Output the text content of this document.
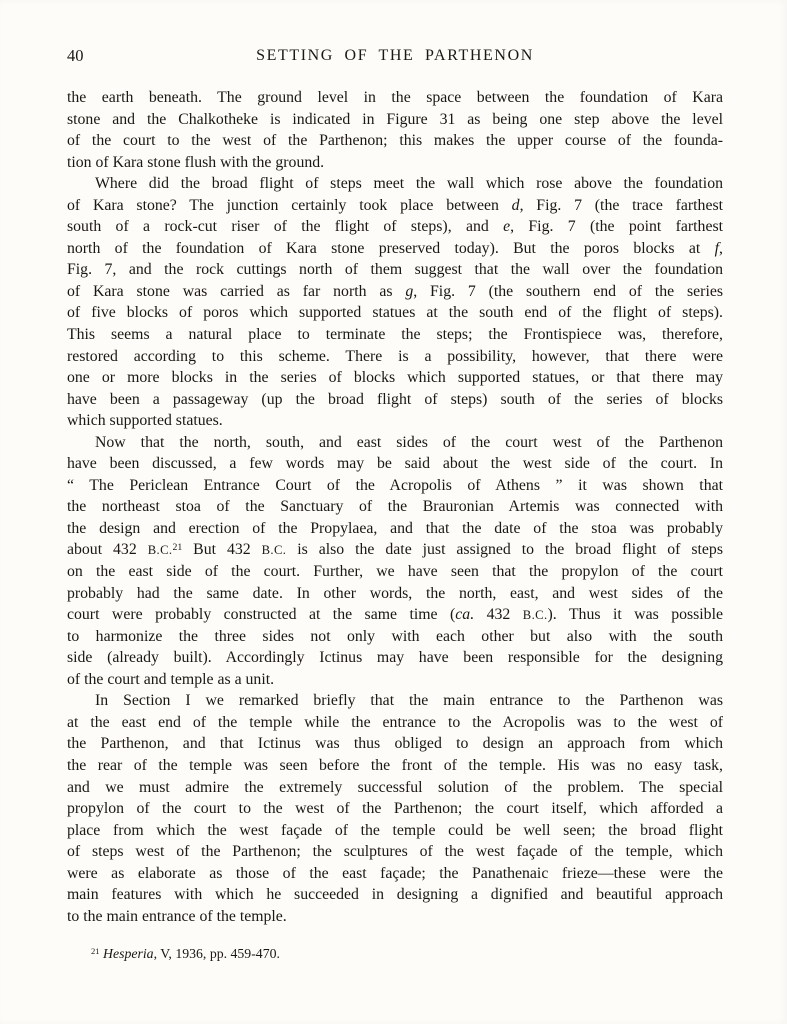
40	SETTING OF THE PARTHENON
the earth beneath. The ground level in the space between the foundation of Kara
stone and the Chalkotheke is indicated in Figure 31 as being one step above the level
of the court to the west of the Parthenon; this makes the upper course of the founda-
tion of Kara stone flush with the ground.
Where did the broad flight of steps meet the wall which rose above the foundation
of Kara stone? The junction certainly took place between d, Fig. 7 (the trace farthest
south of a rock-cut riser of the flight of steps), and e, Fig. 7 (the point farthest
north of the foundation of Kara stone preserved today). But the poros blocks at f,
Fig. 7, and the rock cuttings north of them suggest that the wall over the foundation
of Kara stone was carried as far north as g, Fig. 7 (the southern end of the series
of five blocks of poros which supported statues at the south end of the flight of steps).
This seems a natural place to terminate the steps; the Frontispiece was, therefore,
restored according to this scheme. There is a possibility, however, that there were
one or more blocks in the series of blocks which supported statues, or that there may
have been a passageway (up the broad flight of steps) south of the series of blocks
which supported statues.
Now that the north, south, and east sides of the court west of the Parthenon
have been discussed, a few words may be said about the west side of the court. In
“ The Periclean Entrance Court of the Acropolis of Athens ” it was shown that
the northeast stoa of the Sanctuary of the Brauronian Artemis was connected with
the design and erection of the Propylaea, and that the date of the stoa was probably
about 432 B.C.$^{21}$ But 432 B.C. is also the date just assigned to the broad flight of steps
on the east side of the court. Further, we have seen that the propylon of the court
probably had the same date. In other words, the north, east, and west sides of the
court were probably constructed at the same time (ca. 432 B.C.). Thus it was possible
to harmonize the three sides not only with each other but also with the south
side (already built). Accordingly Ictinus may have been responsible for the designing
of the court and temple as a unit.
In Section I we remarked briefly that the main entrance to the Parthenon was
at the east end of the temple while the entrance to the Acropolis was to the west of
the Parthenon, and that Ictinus was thus obliged to design an approach from which
the rear of the temple was seen before the front of the temple. His was no easy task,
and we must admire the extremely successful solution of the problem. The special
propylon of the court to the west of the Parthenon; the court itself, which afforded a
place from which the west façade of the temple could be well seen; the broad flight
of steps west of the Parthenon; the sculptures of the west façade of the temple, which
were as elaborate as those of the east façade; the Panathenaic frieze—these were the
main features with which he succeeded in designing a dignified and beautiful approach
to the main entrance of the temple.
$^{21}$ Hesperia, V, 1936, pp. 459-470.
